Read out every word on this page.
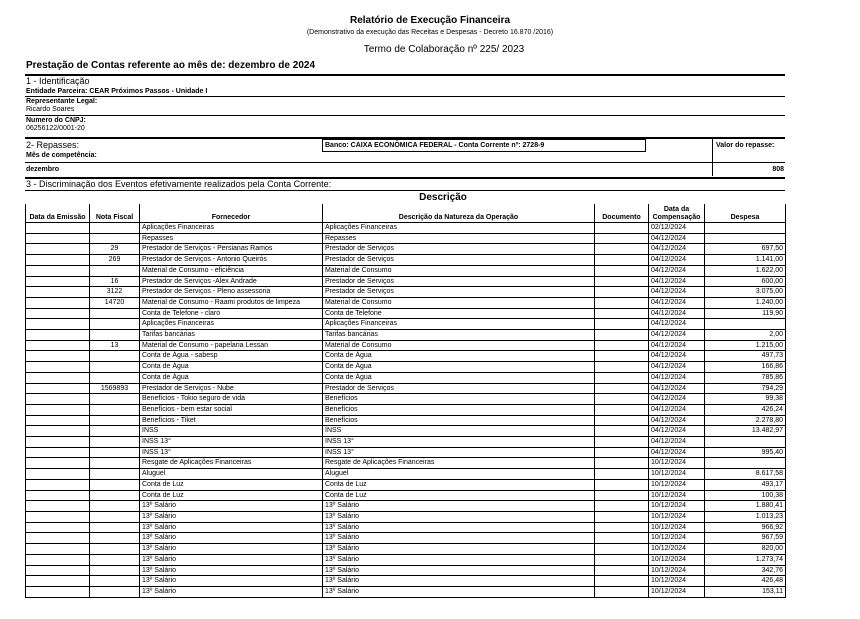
Relatório de Execução Financeira
(Demonstrativo da execução das Receitas e Despesas - Decreto 16.870 /2016)
Termo de Colaboração nº 225/ 2023
Prestação de Contas referente ao mês de: dezembro de 2024
1 - Identificação
Entidade Parceira: CEAR Próximos Passos - Unidade I
Representante Legal:
Ricardo Soares
Numero do CNPJ:
06256122/0001-20
2- Repasses:	Banco: CAIXA ECONÔMICA FEDERAL - Conta Corrente nº: 2728-9	Valor do repasse:
Mês de competência:
dezembro	808
3 - Discriminação dos Eventos efetivamente realizados pela Conta Corrente:
Descrição
Data da Emissão	Nota Fiscal	Fornecedor	Descrição da Natureza da Operação	Documento	Data da Compensação	Despesa
		Aplicações Financeiras	Aplicações Financeiras		02/12/2024	
		Repasses	Repasses		04/12/2024	
	29	Prestador de Serviços - Persianas Ramos	Prestador de Serviços		04/12/2024	697,50
	269	Prestador de Serviços - Antonio Queirós	Prestador de Serviços		04/12/2024	1.141,00
		Material de Consumo - eficiência	Material de Consumo		04/12/2024	1.622,00
	16	Prestador de Serviços -Alex Andrade	Prestador de Serviços		04/12/2024	600,00
	3122	Prestador de Serviços - Pleno assessoria	Prestador de Serviços		04/12/2024	3.075,00
	14720	Material de Consumo - Raami produtos de limpeza	Material de Consumo		04/12/2024	1.240,00
		Conta de Telefone - claro	Conta de Telefone		04/12/2024	119,90
		Aplicações Financeiras	Aplicações Financeiras		04/12/2024	
		Tarifas bancárias	Tarifas bancárias		04/12/2024	2,00
	13	Material de Consumo - papelaria Lessan	Material de Consumo		04/12/2024	1.215,00
		Conta de Água - sabesp	Conta de Água		04/12/2024	497,73
		Conta de Água	Conta de Água		04/12/2024	166,86
		Conta de Água	Conta de Água		04/12/2024	785,86
	1569893	Prestador de Serviços - Nube	Prestador de Serviços		04/12/2024	794,29
		Benefícios - Tokio seguro de vida	Benefícios		04/12/2024	99,38
		Benefícios - bem estar social	Benefícios		04/12/2024	426,24
		Benefícios - Tiket	Benefícios		04/12/2024	2.278,80
		INSS	INSS		04/12/2024	13.482,97
		INSS 13°	INSS 13°		04/12/2024	
		INSS 13°	INSS 13°		04/12/2024	995,40
		Resgate de Aplicações Financeiras	Resgate de Aplicações Financeiras		10/12/2024	
		Aluguel	Aluguel		10/12/2024	8.617,58
		Conta de Luz	Conta de Luz		10/12/2024	493,17
		Conta de Luz	Conta de Luz		10/12/2024	100,38
		13º Salário	13º Salário		10/12/2024	1.880,41
		13º Salário	13º Salário		10/12/2024	1.013,23
		13º Salário	13º Salário		10/12/2024	966,92
		13º Salário	13º Salário		10/12/2024	967,59
		13º Salário	13º Salário		10/12/2024	820,00
		13º Salário	13º Salário		10/12/2024	1.273,74
		13º Salário	13º Salário		10/12/2024	342,76
		13º Salário	13º Salário		10/12/2024	426,48
		13º Salário	13º Salário		10/12/2024	153,11
